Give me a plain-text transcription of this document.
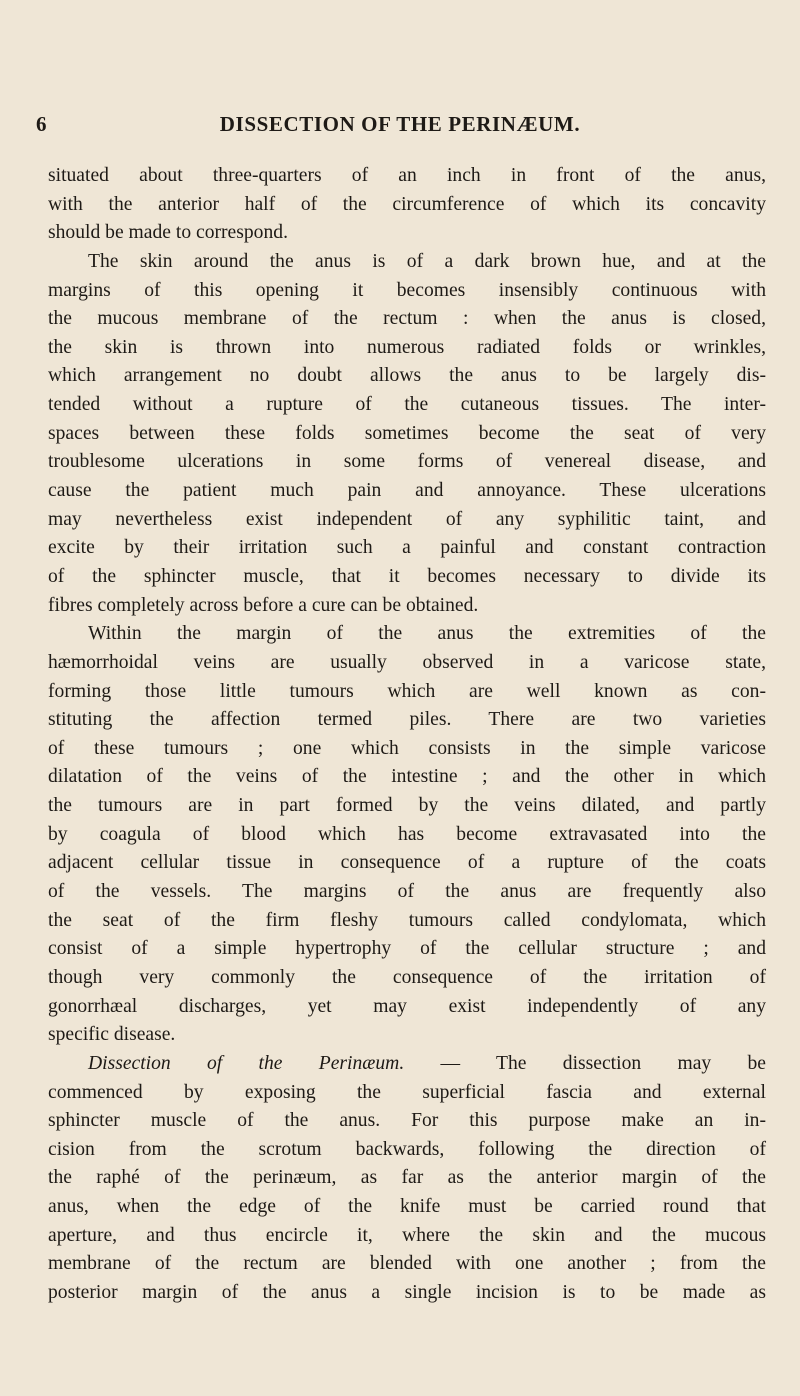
6	DISSECTION OF THE PERINÆUM.
situated about three-quarters of an inch in front of the anus,
with the anterior half of the circumference of which its concavity
should be made to correspond.
The skin around the anus is of a dark brown hue, and at the
margins of this opening it becomes insensibly continuous with
the mucous membrane of the rectum : when the anus is closed,
the skin is thrown into numerous radiated folds or wrinkles,
which arrangement no doubt allows the anus to be largely dis-
tended without a rupture of the cutaneous tissues. The inter-
spaces between these folds sometimes become the seat of very
troublesome ulcerations in some forms of venereal disease, and
cause the patient much pain and annoyance. These ulcerations
may nevertheless exist independent of any syphilitic taint, and
excite by their irritation such a painful and constant contraction
of the sphincter muscle, that it becomes necessary to divide its
fibres completely across before a cure can be obtained.
Within the margin of the anus the extremities of the
hæmorrhoidal veins are usually observed in a varicose state,
forming those little tumours which are well known as con-
stituting the affection termed piles. There are two varieties
of these tumours ; one which consists in the simple varicose
dilatation of the veins of the intestine ; and the other in which
the tumours are in part formed by the veins dilated, and partly
by coagula of blood which has become extravasated into the
adjacent cellular tissue in consequence of a rupture of the coats
of the vessels. The margins of the anus are frequently also
the seat of the firm fleshy tumours called condylomata, which
consist of a simple hypertrophy of the cellular structure ; and
though very commonly the consequence of the irritation of
gonorrhæal discharges, yet may exist independently of any
specific disease.
Dissection of the Perinæum. — The dissection may be
commenced by exposing the superficial fascia and external
sphincter muscle of the anus. For this purpose make an in-
cision from the scrotum backwards, following the direction of
the raphé of the perinæum, as far as the anterior margin of the
anus, when the edge of the knife must be carried round that
aperture, and thus encircle it, where the skin and the mucous
membrane of the rectum are blended with one another ; from the
posterior margin of the anus a single incision is to be made as
